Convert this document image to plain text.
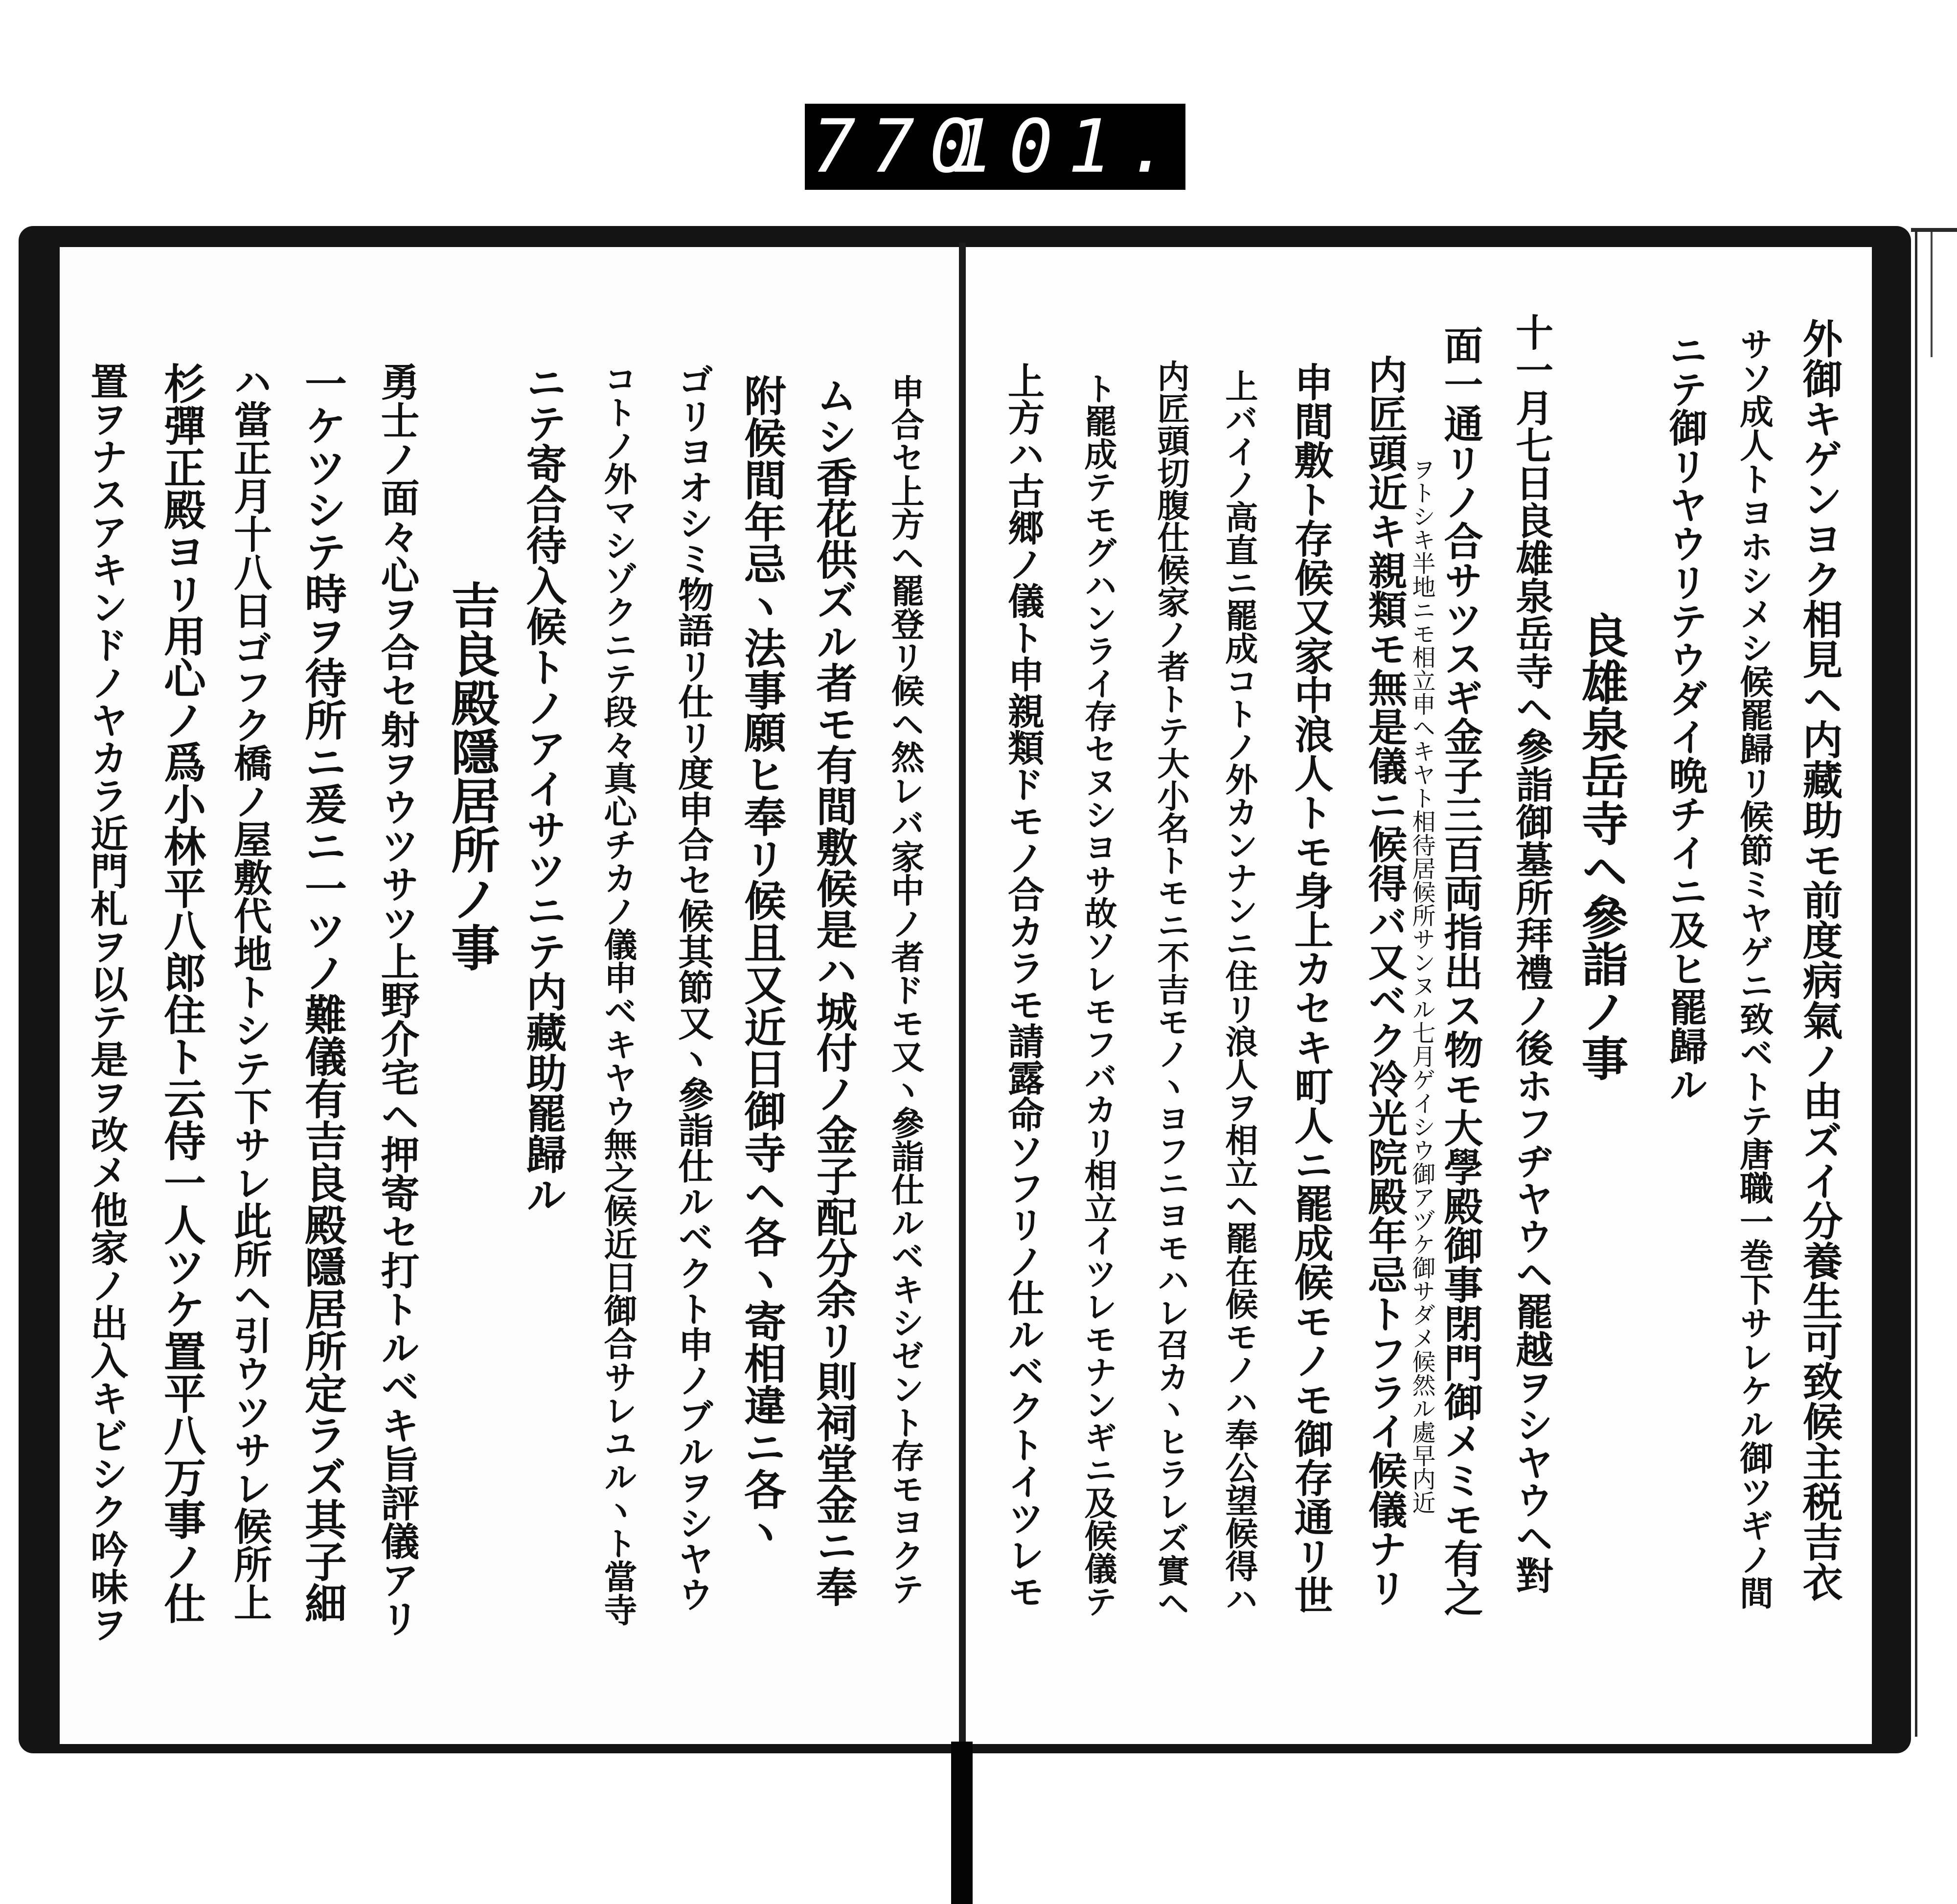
770
101.
外御キゲンヨク相見ヘ内藏助モ前度病氣ノ由ズイ分養生可致候主税吉衣
サソ成人トヨホシメシ候罷歸リ候節ミヤゲニ致ベトテ唐職一巻下サレケル御ツギノ間
ニテ御リヤウリテウダイ晩チイニ及ヒ罷歸ル
良雄泉岳寺ヘ參詣ノ事
十一月七日良雄泉岳寺ヘ參詣御墓所拜禮ノ後ホフヂヤウヘ罷越ヲシヤウヘ對
面一通リノ合サツスギ金子三百両指出ス物モ大學殿御事閉門御メミモ有之
ヲトシキ半地ニモ相立申ヘキヤト相待居候所サンヌル七月ゲイシウ御アヅケ御サダメ候然ル處早内近
内匠頭近キ親類モ無是儀ニ候得バ又ベク冷光院殿年忌トフライ候儀ナリ
申間敷ト存候又家中浪人トモ身上カセキ町人ニ罷成候モノモ御存通リ世
上バイノ高直ニ罷成コトノ外カンナンニ住リ浪人ヲ相立ヘ罷在候モノハ奉公望候得ハ
内匠頭切腹仕候家ノ者トテ大小名トモニ不吉モノヽヨフニヨモハレ召カヽヒラレズ實ヘ
ト罷成テモグハンライ存セヌシヨサ故ソレモフバカリ相立イツレモナンギニ及候儀テ
上方ハ古郷ノ儀ト申親類ドモノ合カラモ請露命ソフリノ仕ルベクトイツレモ
申合セ上方ヘ罷登リ候ヘ然レバ家中ノ者ドモ又ヽ參詣仕ルベキシゼント存モヨクテ
ムシ香花供ズル者モ有間敷候是ハ城付ノ金子配分余リ則祠堂金ニ奉
附候間年忌ヽ法事願ヒ奉リ候且又近日御寺ヘ各ヽ寄相違ニ各ヽ
ゴリヨオシミ物語リ仕リ度申合セ候其節又ヽ參詣仕ルベクト申ノブルヲシヤウ
コトノ外マシゾクニテ段々真心チカノ儀申ベキヤウ無之候近日御合サレユルヽト當寺
ニテ寄合待入候トノアイサツニテ内藏助罷歸ル
吉良殿隱居所ノ事
勇士ノ面々心ヲ合セ射ヲウツサツ上野介宅ヘ押寄セ打トルベキ旨評儀アリ
一ケツシテ時ヲ待所ニ爰ニ一ツノ難儀有吉良殿隱居所定ラズ其子細
ハ當正月十八日ゴフク橋ノ屋敷代地トシテ下サレ此所ヘ引ウツサレ候所上
杉彈正殿ヨリ用心ノ爲小林平八郎住ト云侍一人ツケ置平八万事ノ仕
置ヲナスアキンドノヤカラ近門札ヲ以テ是ヲ改メ他家ノ出入キビシク吟味ヲ
